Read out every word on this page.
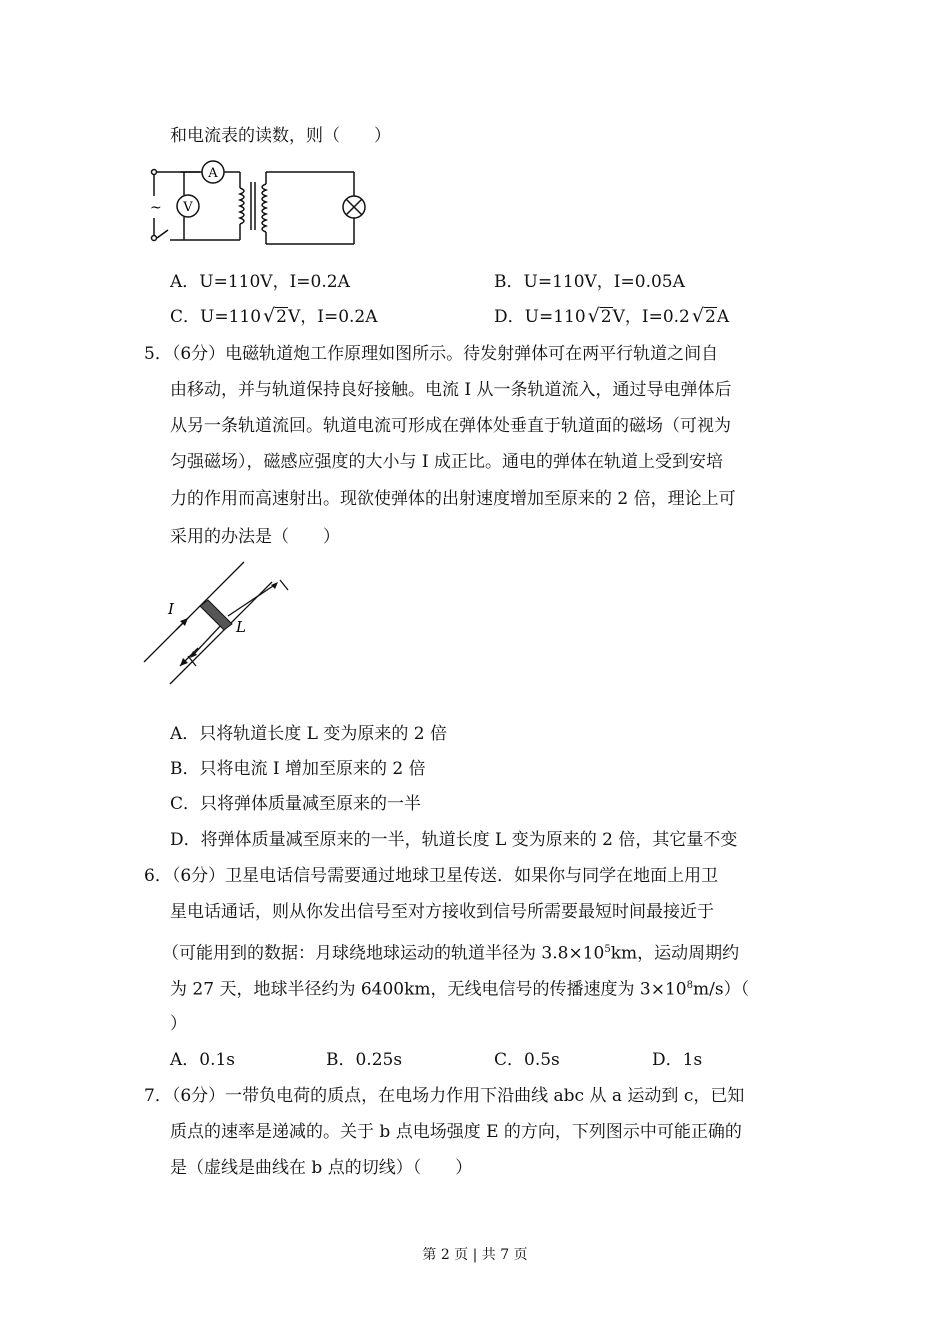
和电流表的读数，则（　　）
A
V
~
A．U=110V，I=0.2A	B．U=110V，I=0.05A
C．U=110 √2V，I=0.2A	D．U=110 √2V，I=0.2 √2A
5．（6分）电磁轨道炮工作原理如图所示。待发射弹体可在两平行轨道之间自
由移动，并与轨道保持良好接触。电流 I 从一条轨道流入，通过导电弹体后
从另一条轨道流回。轨道电流可形成在弹体处垂直于轨道面的磁场（可视为
匀强磁场），磁感应强度的大小与 I 成正比。通电的弹体在轨道上受到安培
力的作用而高速射出。现欲使弹体的出射速度增加至原来的 2 倍，理论上可
采用的办法是（　　）
I
L
A．只将轨道长度 L 变为原来的 2 倍
B．只将电流 I 增加至原来的 2 倍
C．只将弹体质量减至原来的一半
D．将弹体质量减至原来的一半，轨道长度 L 变为原来的 2 倍，其它量不变
6．（6分）卫星电话信号需要通过地球卫星传送．如果你与同学在地面上用卫
星电话通话，则从你发出信号至对方接收到信号所需要最短时间最接近于
（可能用到的数据：月球绕地球运动的轨道半径为 $3.8\times 10^5km$，运动周期约
为 27 天，地球半径约为 6400km，无线电信号的传播速度为 $3\times 10^8m/s$）（
）
A．0.1s	B．0.25s	C．0.5s	D．1s
7．（6分）一带负电荷的质点，在电场力作用下沿曲线 abc 从 a 运动到 c，已知
质点的速率是递减的。关于 b 点电场强度 E 的方向，下列图示中可能正确的
是（虚线是曲线在 b 点的切线）（　　）
第 2 页 | 共 7 页
